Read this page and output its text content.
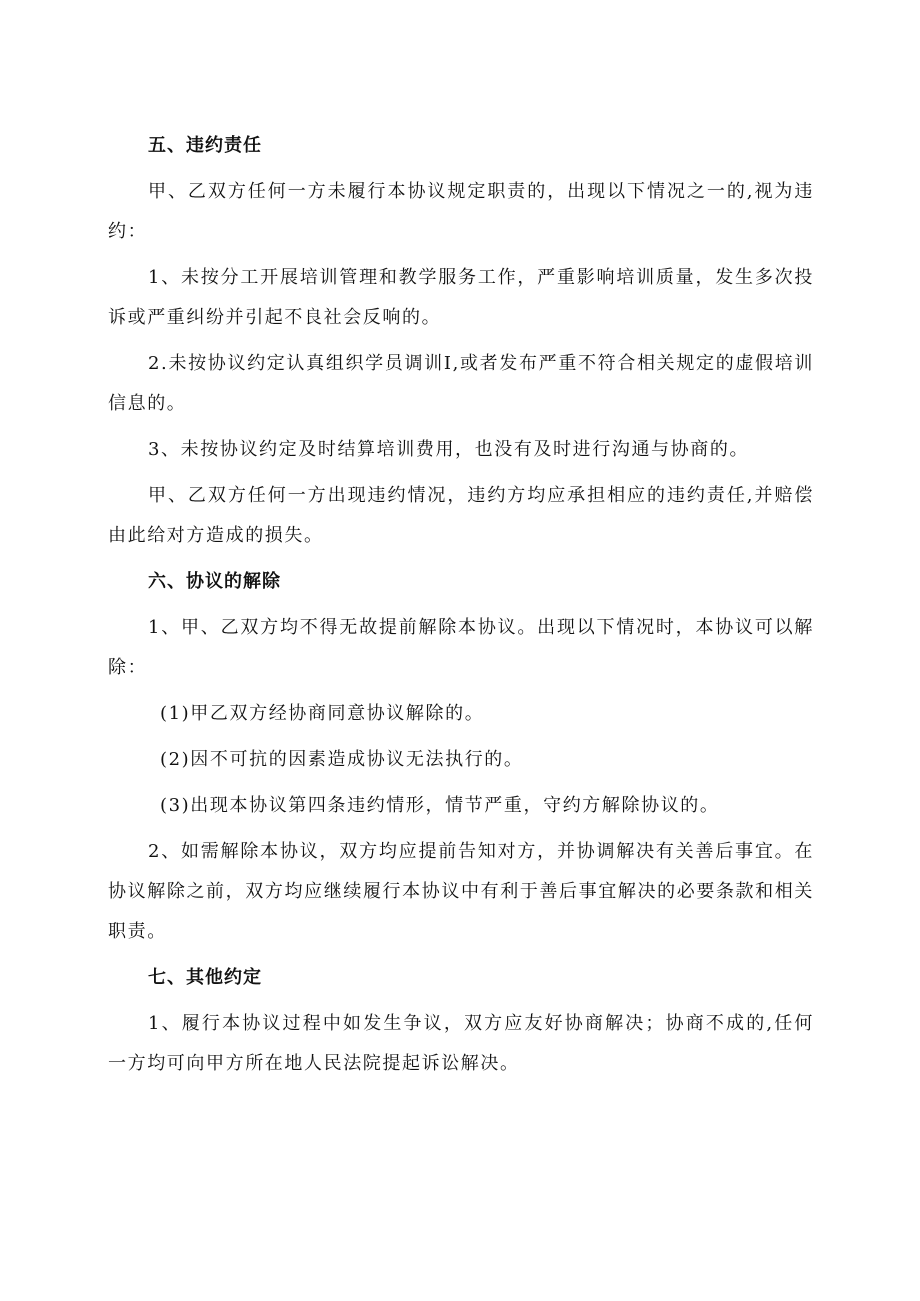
五、违约责任
甲、乙双方任何一方未履行本协议规定职责的，出现以下情况之一的,视为违约：
1、未按分工开展培训管理和教学服务工作，严重影响培训质量，发生多次投诉或严重纠纷并引起不良社会反响的。
2.未按协议约定认真组织学员调训I,或者发布严重不符合相关规定的虚假培训信息的。
3、未按协议约定及时结算培训费用，也没有及时进行沟通与协商的。
甲、乙双方任何一方出现违约情况，违约方均应承担相应的违约责任,并赔偿由此给对方造成的损失。
六、协议的解除
1、甲、乙双方均不得无故提前解除本协议。出现以下情况时，本协议可以解除：
(1)甲乙双方经协商同意协议解除的。
(2)因不可抗的因素造成协议无法执行的。
(3)出现本协议第四条违约情形，情节严重，守约方解除协议的。
2、如需解除本协议，双方均应提前告知对方，并协调解决有关善后事宜。在协议解除之前，双方均应继续履行本协议中有利于善后事宜解决的必要条款和相关职责。
七、其他约定
1、履行本协议过程中如发生争议，双方应友好协商解决；协商不成的,任何一方均可向甲方所在地人民法院提起诉讼解决。
